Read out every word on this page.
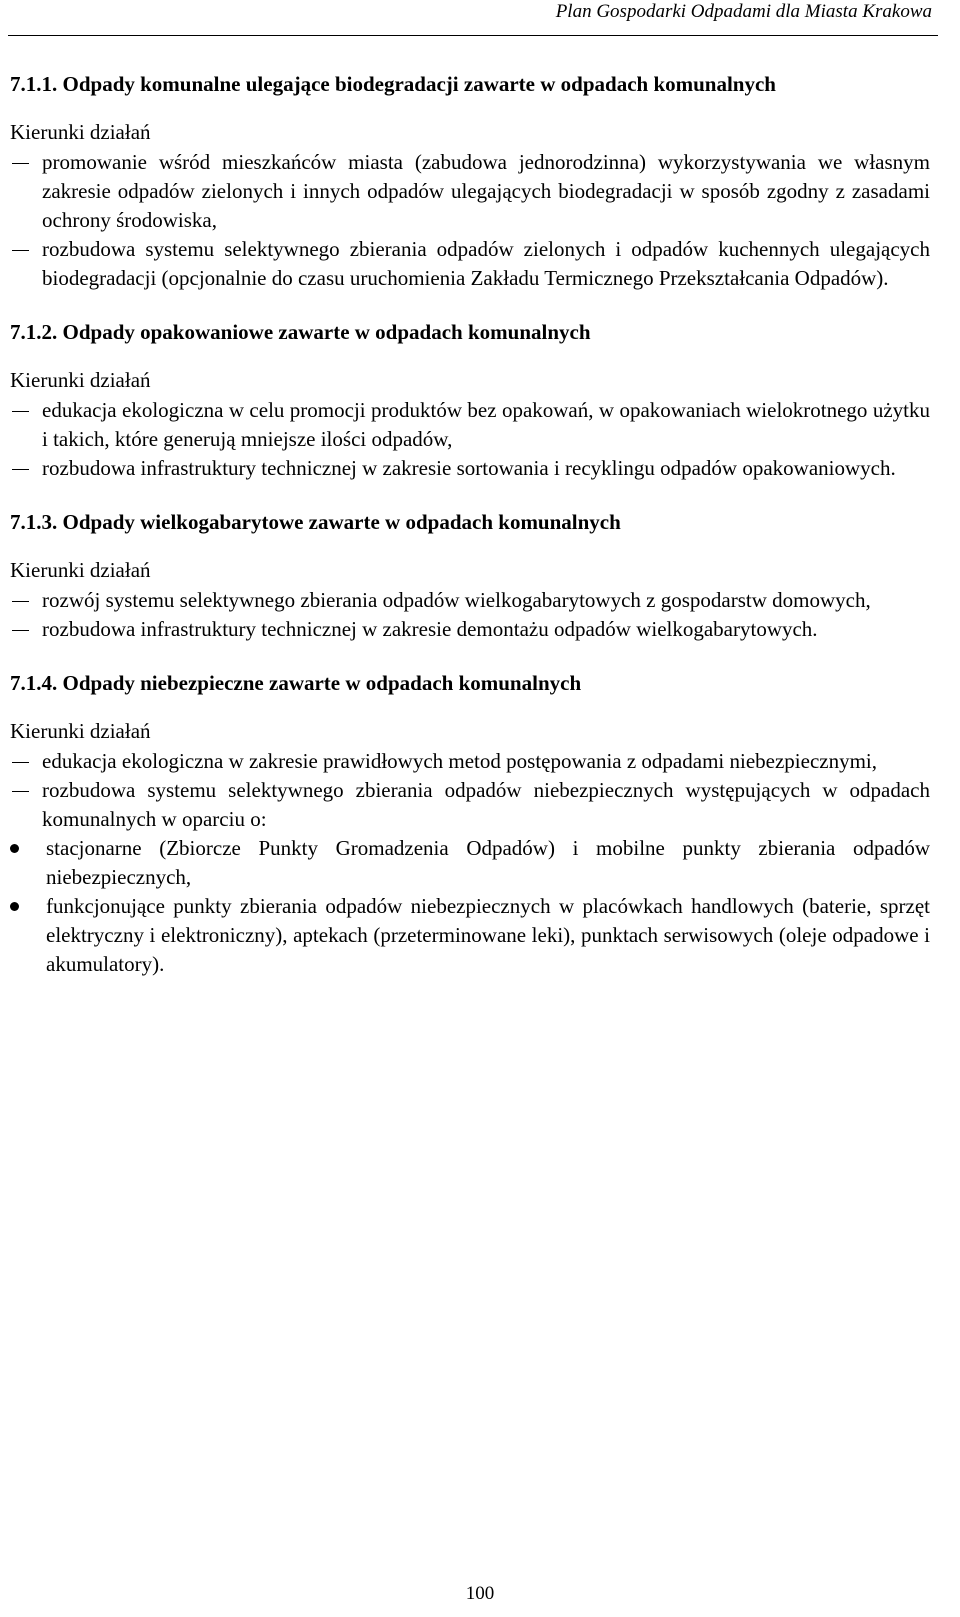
Plan Gospodarki Odpadami dla Miasta Krakowa
7.1.1. Odpady komunalne ulegające biodegradacji zawarte w odpadach komunalnych
Kierunki działań
promowanie wśród mieszkańców miasta (zabudowa jednorodzinna) wykorzystywania we własnym zakresie odpadów zielonych i innych odpadów ulegających biodegradacji w sposób zgodny z zasadami ochrony środowiska,
rozbudowa systemu selektywnego zbierania odpadów zielonych i odpadów kuchennych ulegających biodegradacji (opcjonalnie do czasu uruchomienia Zakładu Termicznego Przekształcania Odpadów).
7.1.2. Odpady opakowaniowe zawarte w odpadach komunalnych
Kierunki działań
edukacja ekologiczna w celu promocji produktów bez opakowań, w opakowaniach wielokrotnego użytku i takich, które generują mniejsze ilości odpadów,
rozbudowa infrastruktury technicznej w zakresie sortowania i recyklingu odpadów opakowaniowych.
7.1.3. Odpady wielkogabarytowe zawarte w odpadach komunalnych
Kierunki działań
rozwój systemu selektywnego zbierania odpadów wielkogabarytowych z gospodarstw domowych,
rozbudowa infrastruktury technicznej w zakresie demontażu odpadów wielkogabarytowych.
7.1.4. Odpady niebezpieczne zawarte w odpadach komunalnych
Kierunki działań
edukacja ekologiczna w zakresie prawidłowych metod postępowania z odpadami niebezpiecznymi,
rozbudowa systemu selektywnego zbierania odpadów niebezpiecznych występujących w odpadach komunalnych w oparciu o:
stacjonarne (Zbiorcze Punkty Gromadzenia Odpadów) i mobilne punkty zbierania odpadów niebezpiecznych,
funkcjonujące punkty zbierania odpadów niebezpiecznych w placówkach handlowych (baterie, sprzęt elektryczny i elektroniczny), aptekach (przeterminowane leki), punktach serwisowych (oleje odpadowe i akumulatory).
100
